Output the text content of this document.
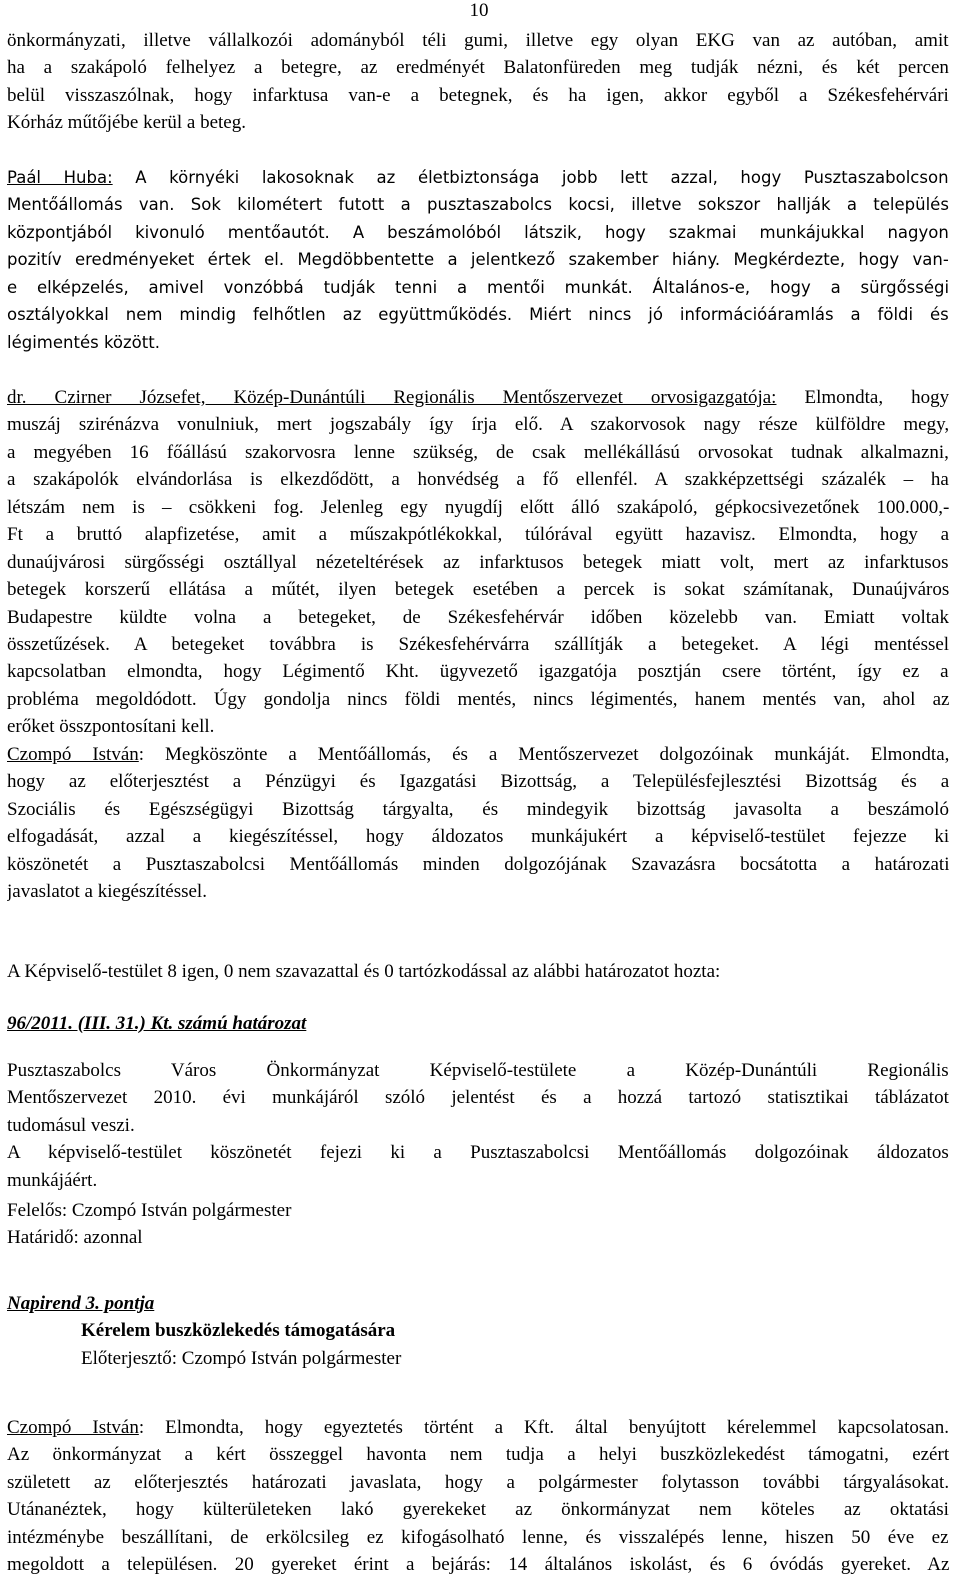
10
önkormányzati, illetve vállalkozói adományból téli gumi, illetve egy olyan EKG van az autóban, amit
ha a szakápoló felhelyez a betegre, az eredményét Balatonfüreden meg tudják nézni, és két percen
belül visszaszólnak, hogy infarktusa van-e a betegnek, és ha igen, akkor egyből a Székesfehérvári
Kórház műtőjébe kerül a beteg.
Paál Huba: A környéki lakosoknak az életbiztonsága jobb lett azzal, hogy Pusztaszabolcson
Mentőállomás van. Sok kilométert futott a pusztaszabolcs kocsi, illetve sokszor hallják a település
központjából kivonuló mentőautót. A beszámolóból látszik, hogy szakmai munkájukkal nagyon
pozitív eredményeket értek el. Megdöbbentette a jelentkező szakember hiány. Megkérdezte, hogy van-
e elképzelés, amivel vonzóbbá tudják tenni a mentői munkát. Általános-e, hogy a sürgősségi
osztályokkal nem mindig felhőtlen az együttműködés. Miért nincs jó információáramlás a földi és
légimentés között.
dr. Czirner Józsefet, Közép-Dunántúli Regionális Mentőszervezet orvosigazgatója: Elmondta, hogy
muszáj szirénázva vonulniuk, mert jogszabály így írja elő. A szakorvosok nagy része külföldre megy,
a megyében 16 főállású szakorvosra lenne szükség, de csak mellékállású orvosokat tudnak alkalmazni,
a szakápolók elvándorlása is elkezdődött, a honvédség a fő ellenfél. A szakképzettségi százalék – ha
létszám nem is – csökkeni fog. Jelenleg egy nyugdíj előtt álló szakápoló, gépkocsivezetőnek 100.000,-
Ft a bruttó alapfizetése, amit a műszakpótlékokkal, túlórával együtt hazavisz. Elmondta, hogy a
dunaújvárosi sürgősségi osztállyal nézeteltérések az infarktusos betegek miatt volt, mert az infarktusos
betegek korszerű ellátása a műtét, ilyen betegek esetében a percek is sokat számítanak, Dunaújváros
Budapestre küldte volna a betegeket, de Székesfehérvár időben közelebb van. Emiatt voltak
összetűzések. A betegeket továbbra is Székesfehérvárra szállítják a betegeket. A légi mentéssel
kapcsolatban elmondta, hogy Légimentő Kht. ügyvezető igazgatója posztján csere történt, így ez a
probléma megoldódott. Úgy gondolja nincs földi mentés, nincs légimentés, hanem mentés van, ahol az
erőket összpontosítani kell.
Czompó István: Megköszönte a Mentőállomás, és a Mentőszervezet dolgozóinak munkáját. Elmondta,
hogy az előterjesztést a Pénzügyi és Igazgatási Bizottság, a Településfejlesztési Bizottság és a
Szociális és Egészségügyi Bizottság tárgyalta, és mindegyik bizottság javasolta a beszámoló
elfogadását, azzal a kiegészítéssel, hogy áldozatos munkájukért a képviselő-testület fejezze ki
köszönetét a Pusztaszabolcsi Mentőállomás minden dolgozójának Szavazásra bocsátotta a határozati
javaslatot a kiegészítéssel.
A Képviselő-testület 8 igen, 0 nem szavazattal és 0 tartózkodással az alábbi határozatot hozta:
96/2011. (III. 31.) Kt. számú határozat
Pusztaszabolcs Város Önkormányzat Képviselő-testülete a Közép-Dunántúli Regionális
Mentőszervezet 2010. évi munkájáról szóló jelentést és a hozzá tartozó statisztikai táblázatot
tudomásul veszi.
A képviselő-testület köszönetét fejezi ki a Pusztaszabolcsi Mentőállomás dolgozóinak áldozatos
munkájáért.
Felelős: Czompó István polgármester
Határidő: azonnal
Napirend 3. pontja
Kérelem buszközlekedés támogatására
Előterjesztő: Czompó István polgármester
Czompó István: Elmondta, hogy egyeztetés történt a Kft. által benyújtott kérelemmel kapcsolatosan.
Az önkormányzat a kért összeggel havonta nem tudja a helyi buszközlekedést támogatni, ezért
született az előterjesztés határozati javaslata, hogy a polgármester folytasson további tárgyalásokat.
Utánanéztek, hogy külterületeken lakó gyerekeket az önkormányzat nem köteles az oktatási
intézménybe beszállítani, de erkölcsileg ez kifogásolható lenne, és visszalépés lenne, hiszen 50 éve ez
megoldott a településen. 20 gyereket érint a bejárás: 14 általános iskolást, és 6 óvódás gyereket. Az
